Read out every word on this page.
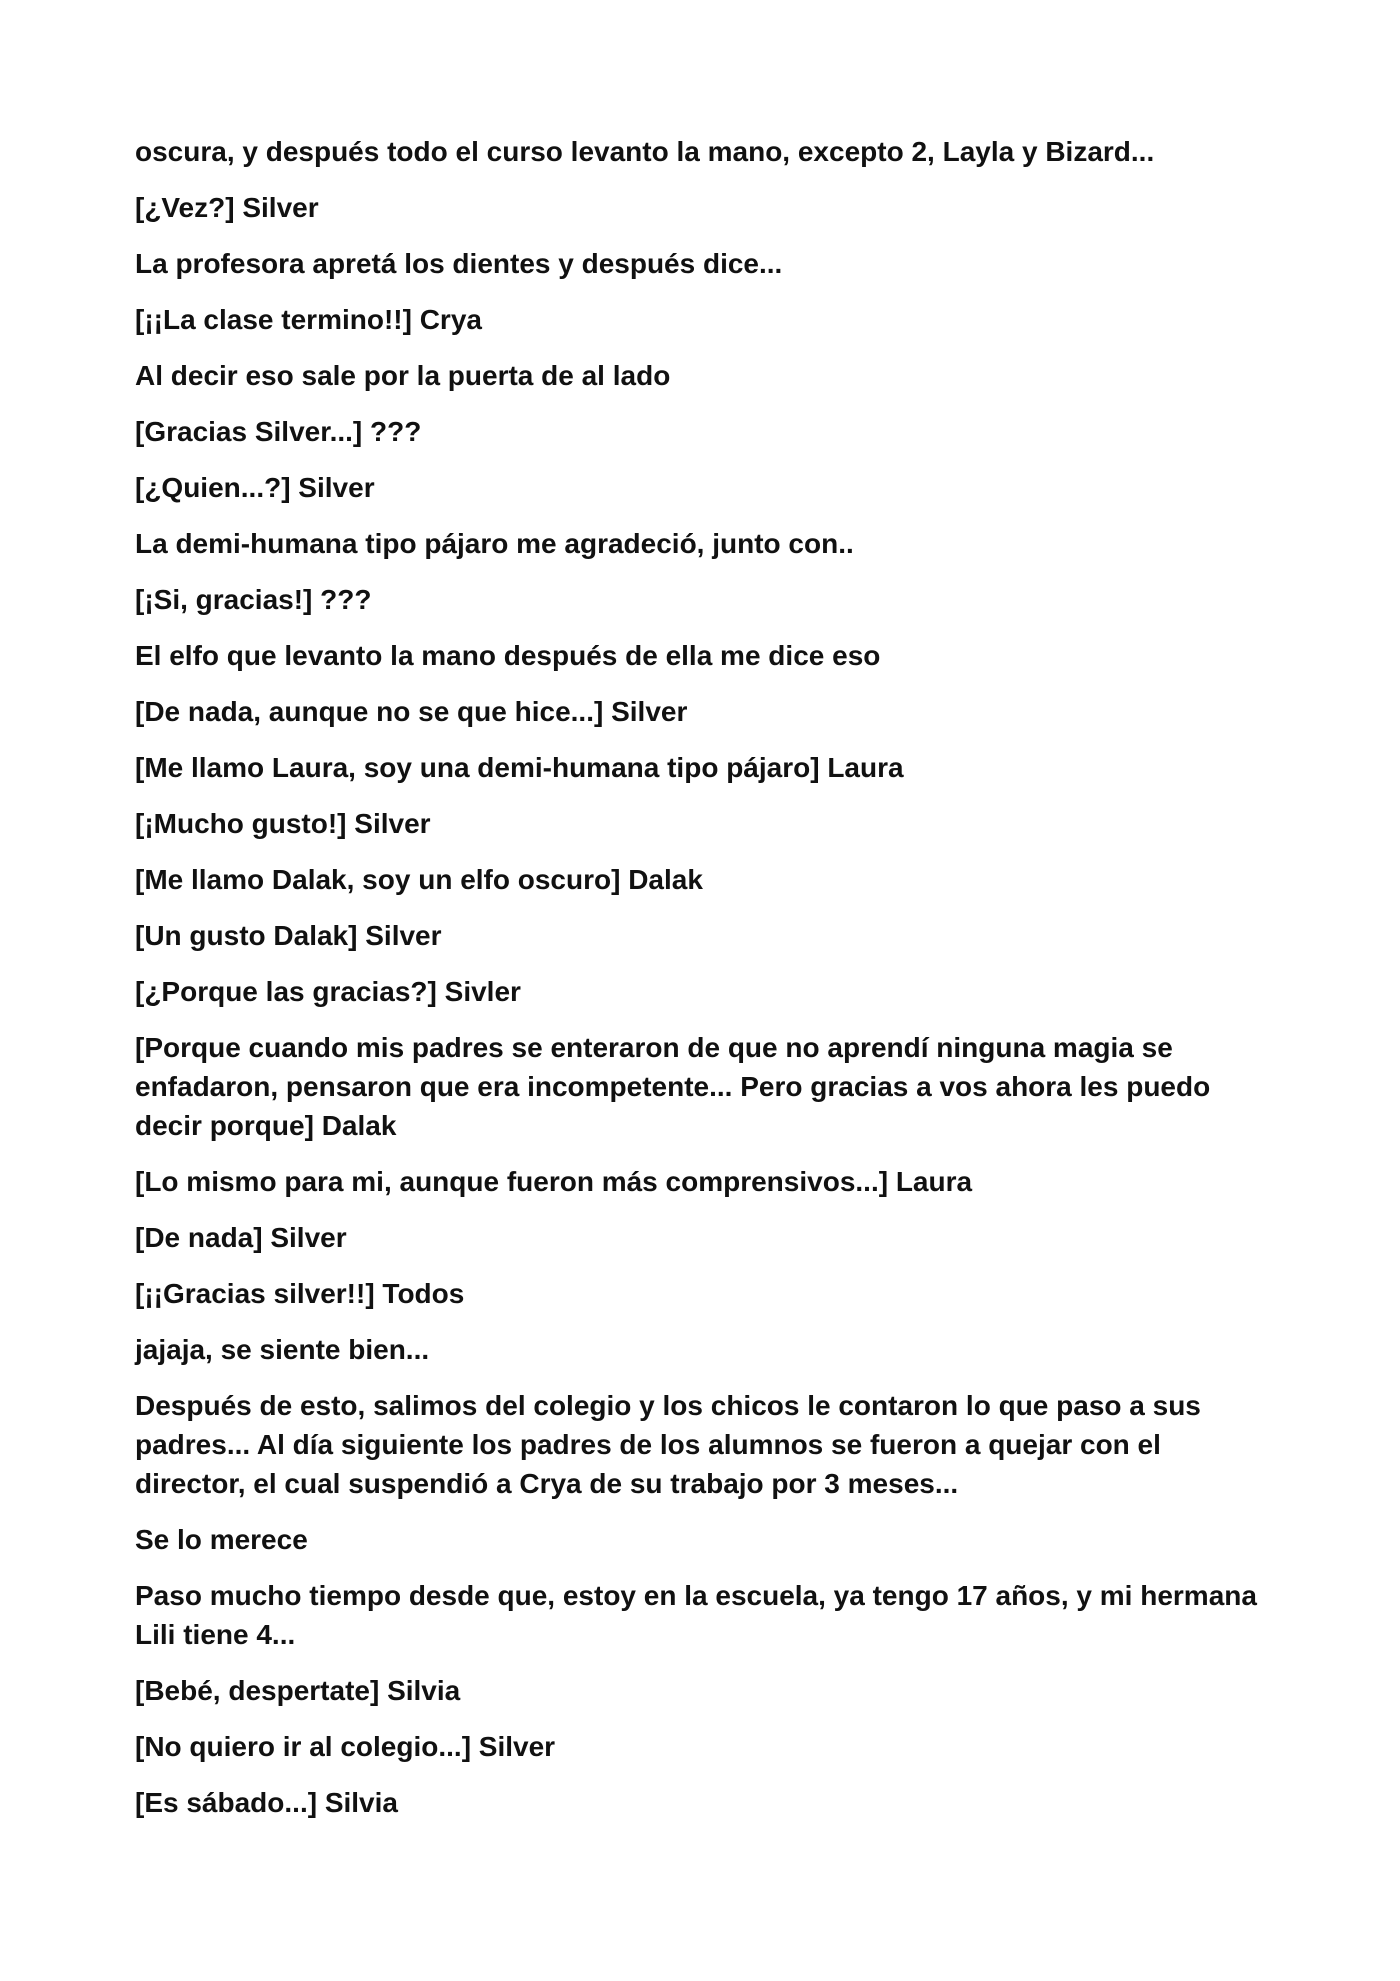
oscura, y después todo el curso levanto la mano, excepto 2, Layla y Bizard...

[¿Vez?] Silver

La profesora apretá los dientes y después dice...

[¡¡La clase termino!!] Crya

Al decir eso sale por la puerta de al lado

[Gracias Silver...] ???

[¿Quien...?] Silver

La demi-humana tipo pájaro me agradeció, junto con..

[¡Si, gracias!] ???

El elfo que levanto la mano después de ella me dice eso

[De nada, aunque no se que hice...] Silver

[Me llamo Laura, soy una demi-humana tipo pájaro] Laura

[¡Mucho gusto!] Silver

[Me llamo Dalak, soy un elfo oscuro] Dalak

[Un gusto Dalak] Silver

[¿Porque las gracias?] Sivler

[Porque cuando mis padres se enteraron de que no aprendí ninguna magia se enfadaron, pensaron que era incompetente... Pero gracias a vos ahora les puedo decir porque] Dalak

[Lo mismo para mi, aunque fueron más comprensivos...] Laura

[De nada] Silver

[¡¡Gracias silver!!] Todos

jajaja, se siente bien...

Después de esto, salimos del colegio y los chicos le contaron lo que paso a sus padres... Al día siguiente los padres de los alumnos se fueron a quejar con el director, el cual suspendió a Crya de su trabajo por 3 meses...

Se lo merece

Paso mucho tiempo desde que, estoy en la escuela, ya tengo 17 años, y mi hermana Lili tiene 4...

[Bebé, despertate] Silvia

[No quiero ir al colegio...] Silver

[Es sábado...] Silvia
